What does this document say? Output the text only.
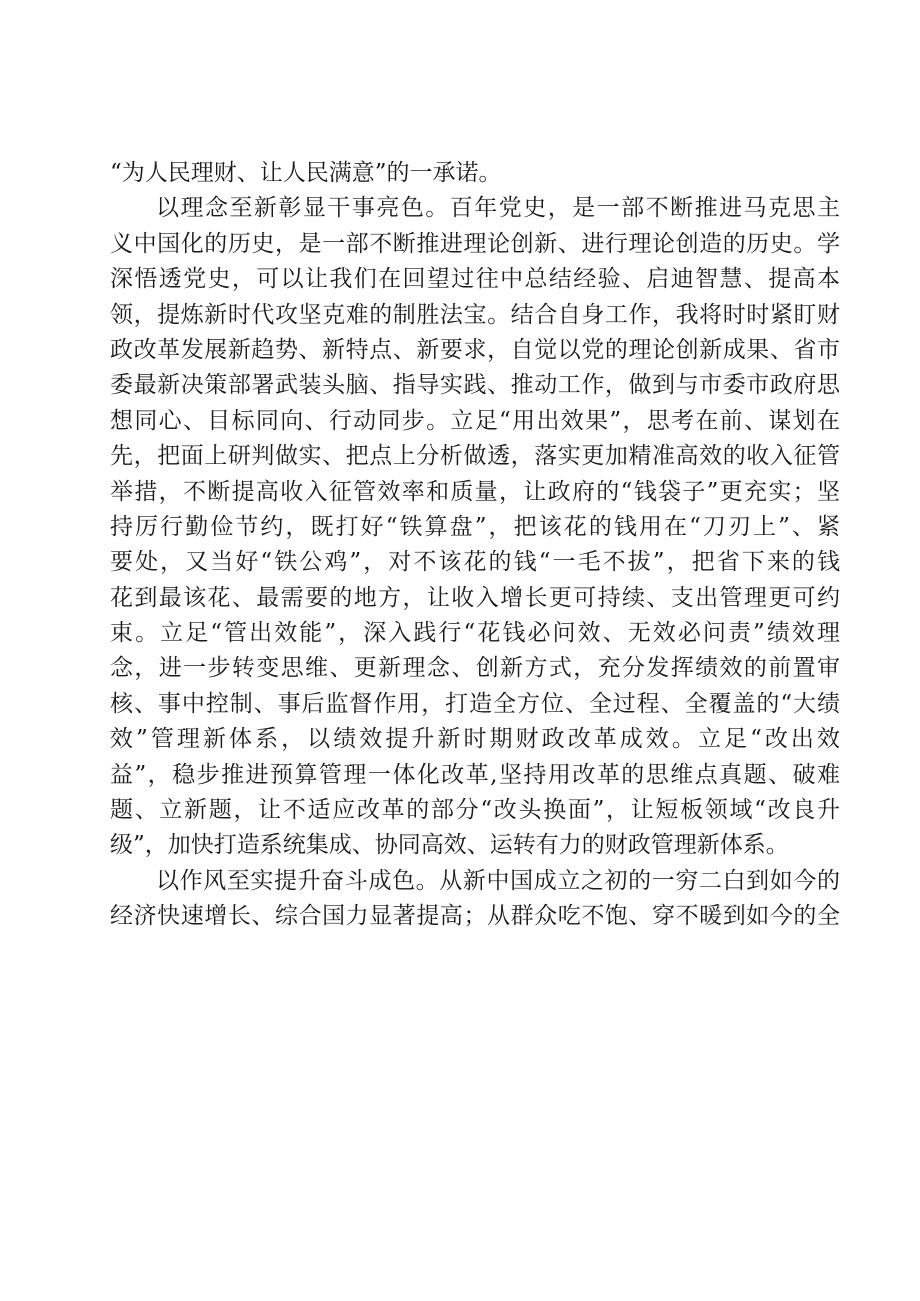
“为人民理财、让人民满意”的一承诺。
以理念至新彰显干事亮色。百年党史，是一部不断推进马克思主
义中国化的历史，是一部不断推进理论创新、进行理论创造的历史。学
深悟透党史，可以让我们在回望过往中总结经验、启迪智慧、提高本
领，提炼新时代攻坚克难的制胜法宝。结合自身工作，我将时时紧盯财
政改革发展新趋势、新特点、新要求，自觉以党的理论创新成果、省市
委最新决策部署武装头脑、指导实践、推动工作，做到与市委市政府思
想同心、目标同向、行动同步。立足“用出效果”，思考在前、谋划在
先，把面上研判做实、把点上分析做透，落实更加精准高效的收入征管
举措，不断提高收入征管效率和质量，让政府的“钱袋子”更充实；坚
持厉行勤俭节约，既打好“铁算盘”，把该花的钱用在“刀刃上”、紧
要处，又当好“铁公鸡”，对不该花的钱“一毛不拔”，把省下来的钱
花到最该花、最需要的地方，让收入增长更可持续、支出管理更可约
束。立足“管出效能”，深入践行“花钱必问效、无效必问责”绩效理
念，进一步转变思维、更新理念、创新方式，充分发挥绩效的前置审
核、事中控制、事后监督作用，打造全方位、全过程、全覆盖的“大绩
效”管理新体系，以绩效提升新时期财政改革成效。立足“改出效
益”，稳步推进预算管理一体化改革,坚持用改革的思维点真题、破难
题、立新题，让不适应改革的部分“改头换面”，让短板领域“改良升
级”，加快打造系统集成、协同高效、运转有力的财政管理新体系。
以作风至实提升奋斗成色。从新中国成立之初的一穷二白到如今的
经济快速增长、综合国力显著提高；从群众吃不饱、穿不暖到如今的全
